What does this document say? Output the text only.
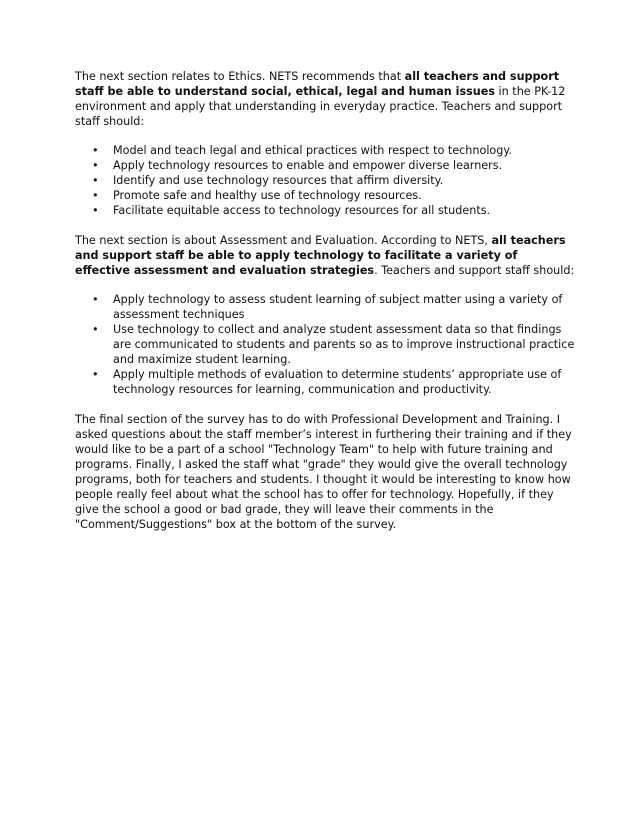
The next section relates to Ethics. NETS recommends that all teachers and support staff be able to understand social, ethical, legal and human issues in the PK-12 environment and apply that understanding in everyday practice. Teachers and support staff should:

• Model and teach legal and ethical practices with respect to technology.
• Apply technology resources to enable and empower diverse learners.
• Identify and use technology resources that affirm diversity.
• Promote safe and healthy use of technology resources.
• Facilitate equitable access to technology resources for all students.

The next section is about Assessment and Evaluation. According to NETS, all teachers and support staff be able to apply technology to facilitate a variety of effective assessment and evaluation strategies. Teachers and support staff should:

• Apply technology to assess student learning of subject matter using a variety of assessment techniques
• Use technology to collect and analyze student assessment data so that findings are communicated to students and parents so as to improve instructional practice and maximize student learning.
• Apply multiple methods of evaluation to determine students’ appropriate use of technology resources for learning, communication and productivity.

The final section of the survey has to do with Professional Development and Training. I asked questions about the staff member’s interest in furthering their training and if they would like to be a part of a school "Technology Team" to help with future training and programs. Finally, I asked the staff what "grade" they would give the overall technology programs, both for teachers and students. I thought it would be interesting to know how people really feel about what the school has to offer for technology. Hopefully, if they give the school a good or bad grade, they will leave their comments in the "Comment/Suggestions" box at the bottom of the survey.
